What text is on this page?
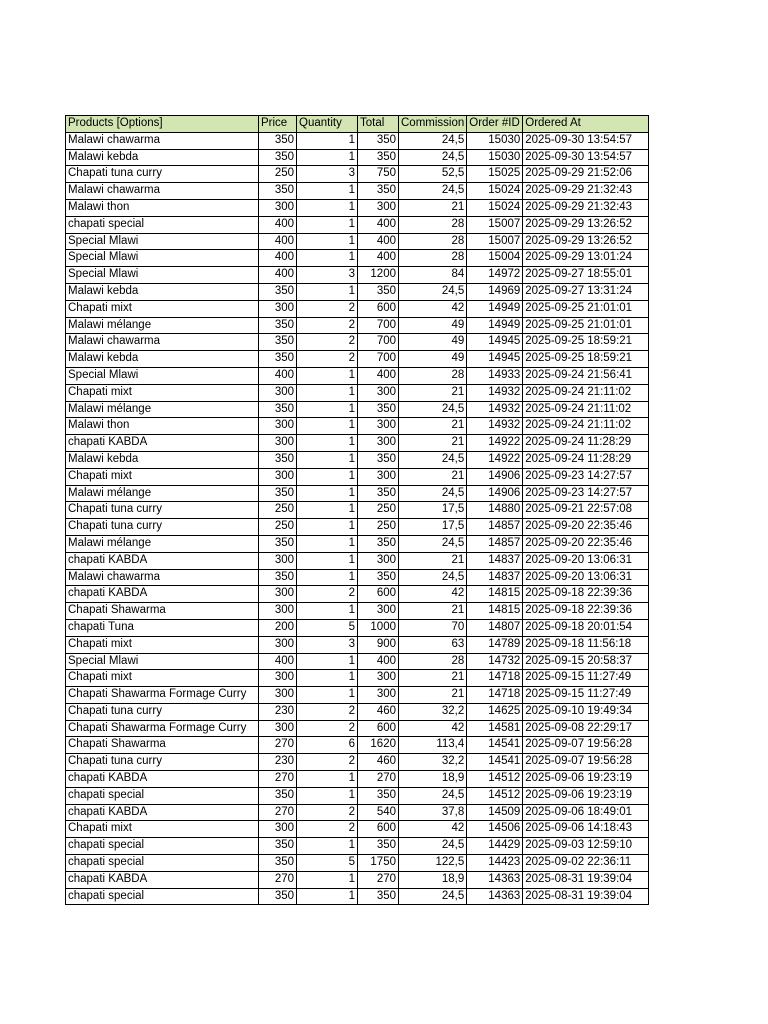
Products [Options]	Price	Quantity	Total	Commission	Order #ID	Ordered At
Malawi chawarma	350	1	350	24,5	15030	2025-09-30 13:54:57
Malawi kebda	350	1	350	24,5	15030	2025-09-30 13:54:57
Chapati tuna curry	250	3	750	52,5	15025	2025-09-29 21:52:06
Malawi chawarma	350	1	350	24,5	15024	2025-09-29 21:32:43
Malawi thon	300	1	300	21	15024	2025-09-29 21:32:43
chapati special	400	1	400	28	15007	2025-09-29 13:26:52
Special Mlawi	400	1	400	28	15007	2025-09-29 13:26:52
Special Mlawi	400	1	400	28	15004	2025-09-29 13:01:24
Special Mlawi	400	3	1200	84	14972	2025-09-27 18:55:01
Malawi kebda	350	1	350	24,5	14969	2025-09-27 13:31:24
Chapati mixt	300	2	600	42	14949	2025-09-25 21:01:01
Malawi mélange	350	2	700	49	14949	2025-09-25 21:01:01
Malawi chawarma	350	2	700	49	14945	2025-09-25 18:59:21
Malawi kebda	350	2	700	49	14945	2025-09-25 18:59:21
Special Mlawi	400	1	400	28	14933	2025-09-24 21:56:41
Chapati mixt	300	1	300	21	14932	2025-09-24 21:11:02
Malawi mélange	350	1	350	24,5	14932	2025-09-24 21:11:02
Malawi thon	300	1	300	21	14932	2025-09-24 21:11:02
chapati KABDA	300	1	300	21	14922	2025-09-24 11:28:29
Malawi kebda	350	1	350	24,5	14922	2025-09-24 11:28:29
Chapati mixt	300	1	300	21	14906	2025-09-23 14:27:57
Malawi mélange	350	1	350	24,5	14906	2025-09-23 14:27:57
Chapati tuna curry	250	1	250	17,5	14880	2025-09-21 22:57:08
Chapati tuna curry	250	1	250	17,5	14857	2025-09-20 22:35:46
Malawi mélange	350	1	350	24,5	14857	2025-09-20 22:35:46
chapati KABDA	300	1	300	21	14837	2025-09-20 13:06:31
Malawi chawarma	350	1	350	24,5	14837	2025-09-20 13:06:31
chapati KABDA	300	2	600	42	14815	2025-09-18 22:39:36
Chapati Shawarma	300	1	300	21	14815	2025-09-18 22:39:36
chapati Tuna	200	5	1000	70	14807	2025-09-18 20:01:54
Chapati mixt	300	3	900	63	14789	2025-09-18 11:56:18
Special Mlawi	400	1	400	28	14732	2025-09-15 20:58:37
Chapati mixt	300	1	300	21	14718	2025-09-15 11:27:49
Chapati Shawarma Formage Curry	300	1	300	21	14718	2025-09-15 11:27:49
Chapati tuna curry	230	2	460	32,2	14625	2025-09-10 19:49:34
Chapati Shawarma Formage Curry	300	2	600	42	14581	2025-09-08 22:29:17
Chapati Shawarma	270	6	1620	113,4	14541	2025-09-07 19:56:28
Chapati tuna curry	230	2	460	32,2	14541	2025-09-07 19:56:28
chapati KABDA	270	1	270	18,9	14512	2025-09-06 19:23:19
chapati special	350	1	350	24,5	14512	2025-09-06 19:23:19
chapati KABDA	270	2	540	37,8	14509	2025-09-06 18:49:01
Chapati mixt	300	2	600	42	14506	2025-09-06 14:18:43
chapati special	350	1	350	24,5	14429	2025-09-03 12:59:10
chapati special	350	5	1750	122,5	14423	2025-09-02 22:36:11
chapati KABDA	270	1	270	18,9	14363	2025-08-31 19:39:04
chapati special	350	1	350	24,5	14363	2025-08-31 19:39:04
